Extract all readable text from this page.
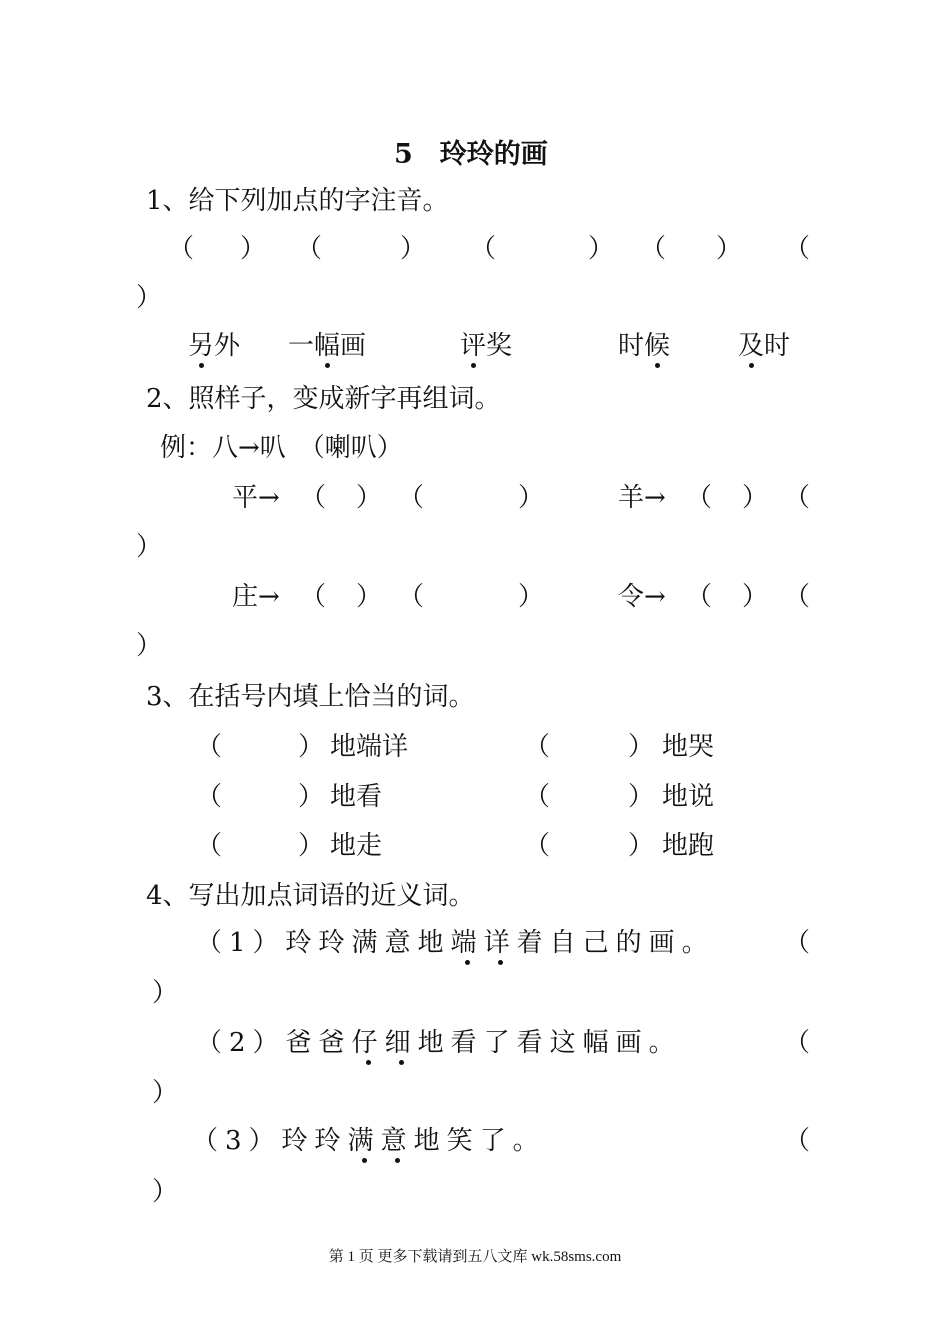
5　玲玲的画
1、给下列加点的字注音。
（ ） （	） （	） （ ） （
）
另外 一幅画	评奖	时候	及时
2、照样子，变成新字再组词。
例：八→叭　（喇叭）
平→ （ ） （	）	羊→ （ ） （
）
庄→ （ ） （	）	令→ （ ） （
）
3、在括号内填上恰当的词。
（	） 地端详	（	） 地哭
（	） 地看	（	） 地说
（	） 地走	（	） 地跑
4、写出加点词语的近义词。
（1）玲玲满意地端详着自己的画。	（
）
（2）爸爸仔细地看了看这幅画。	（
）
（3）玲玲满意地笑了。	（
）
第 1 页 更多下载请到五八文库 wk.58sms.com
